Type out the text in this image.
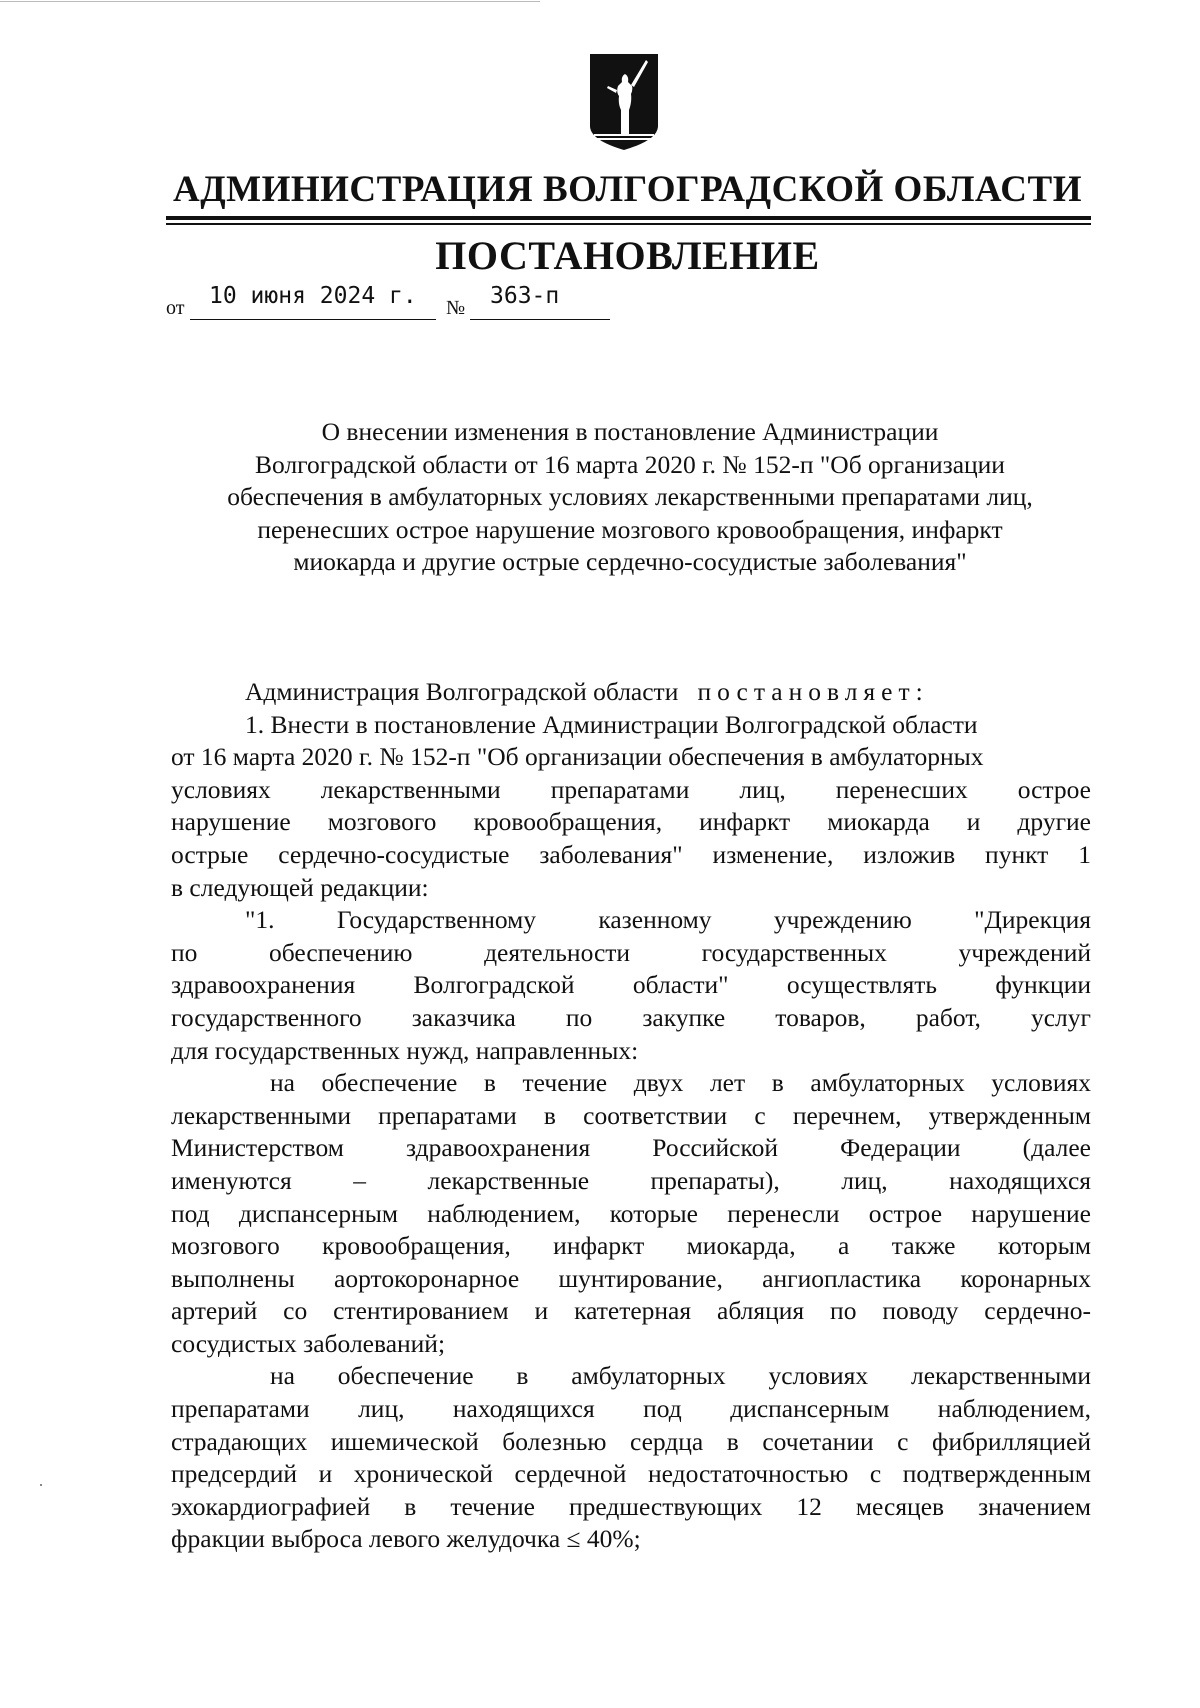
АДМИНИСТРАЦИЯ ВОЛГОГРАДСКОЙ ОБЛАСТИ
ПОСТАНОВЛЕНИЕ
от 10 июня 2024 г. № 363-п
О внесении изменения в постановление Администрации
Волгоградской области от 16 марта 2020 г. № 152-п "Об организации
обеспечения в амбулаторных условиях лекарственными препаратами лиц,
перенесших острое нарушение мозгового кровообращения, инфаркт
миокарда и другие острые сердечно-сосудистые заболевания"
Администрация Волгоградской области постановляет:
1. Внести в постановление Администрации Волгоградской области
от 16 марта 2020 г. № 152-п "Об организации обеспечения в амбулаторных
условиях лекарственными препаратами лиц, перенесших острое
нарушение мозгового кровообращения, инфаркт миокарда и другие
острые сердечно-сосудистые заболевания" изменение, изложив пункт 1
в следующей редакции:
"1. Государственному казенному учреждению "Дирекция
по обеспечению деятельности государственных учреждений
здравоохранения Волгоградской области" осуществлять функции
государственного заказчика по закупке товаров, работ, услуг
для государственных нужд, направленных:
на обеспечение в течение двух лет в амбулаторных условиях
лекарственными препаратами в соответствии с перечнем, утвержденным
Министерством здравоохранения Российской Федерации (далее
именуются – лекарственные препараты), лиц, находящихся
под диспансерным наблюдением, которые перенесли острое нарушение
мозгового кровообращения, инфаркт миокарда, а также которым
выполнены аортокоронарное шунтирование, ангиопластика коронарных
артерий со стентированием и катетерная абляция по поводу сердечно-
сосудистых заболеваний;
на обеспечение в амбулаторных условиях лекарственными
препаратами лиц, находящихся под диспансерным наблюдением,
страдающих ишемической болезнью сердца в сочетании с фибрилляцией
предсердий и хронической сердечной недостаточностью с подтвержденным
эхокардиографией в течение предшествующих 12 месяцев значением
фракции выброса левого желудочка ≤ 40%;
